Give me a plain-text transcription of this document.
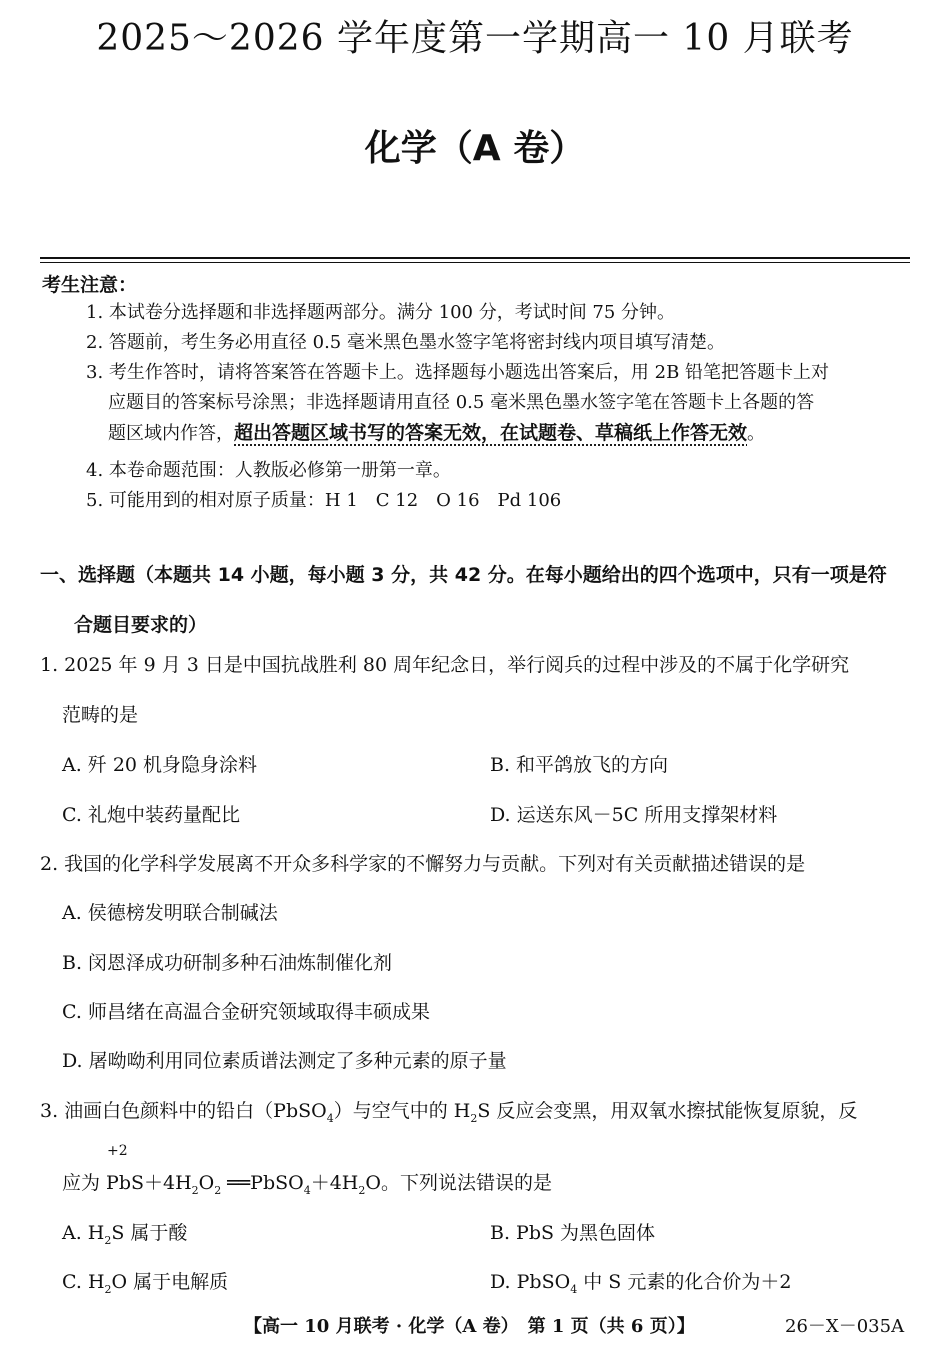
2025～2026 学年度第一学期高一 10 月联考
化学（A 卷）
考生注意：
1. 本试卷分选择题和非选择题两部分。满分 100 分，考试时间 75 分钟。
2. 答题前，考生务必用直径 0.5 毫米黑色墨水签字笔将密封线内项目填写清楚。
3. 考生作答时，请将答案答在答题卡上。选择题每小题选出答案后，用 2B 铅笔把答题卡上对
应题目的答案标号涂黑；非选择题请用直径 0.5 毫米黑色墨水签字笔在答题卡上各题的答
题区域内作答，超出答题区域书写的答案无效，在试题卷、草稿纸上作答无效。
4. 本卷命题范围：人教版必修第一册第一章。
5. 可能用到的相对原子质量：H 1　C 12　O 16　Pd 106
一、选择题（本题共 14 小题，每小题 3 分，共 42 分。在每小题给出的四个选项中，只有一项是符
合题目要求的）
1. 2025 年 9 月 3 日是中国抗战胜利 80 周年纪念日，举行阅兵的过程中涉及的不属于化学研究
范畴的是
A. 歼 20 机身隐身涂料	B. 和平鸽放飞的方向
C. 礼炮中装药量配比	D. 运送东风－5C 所用支撑架材料
2. 我国的化学科学发展离不开众多科学家的不懈努力与贡献。下列对有关贡献描述错误的是
A. 侯德榜发明联合制碱法
B. 闵恩泽成功研制多种石油炼制催化剂
C. 师昌绪在高温合金研究领域取得丰硕成果
D. 屠呦呦利用同位素质谱法测定了多种元素的原子量
3. 油画白色颜料中的铅白（PbSO$_4$）与空气中的 $H_2S$ 反应会变黑，用双氧水擦拭能恢复原貌，反
+2
应为 $PbS+4H_2O_2$ $══PbSO_4+4H_2O$。下列说法错误的是
A. $H_2S$ 属于酸	B. PbS 为黑色固体
C. $H_2O$ 属于电解质	D. PbSO$_4$ 中 S 元素的化合价为＋2
【高一 10 月联考 · 化学（A 卷）　第 1 页（共 6 页）】	26－X－035A
